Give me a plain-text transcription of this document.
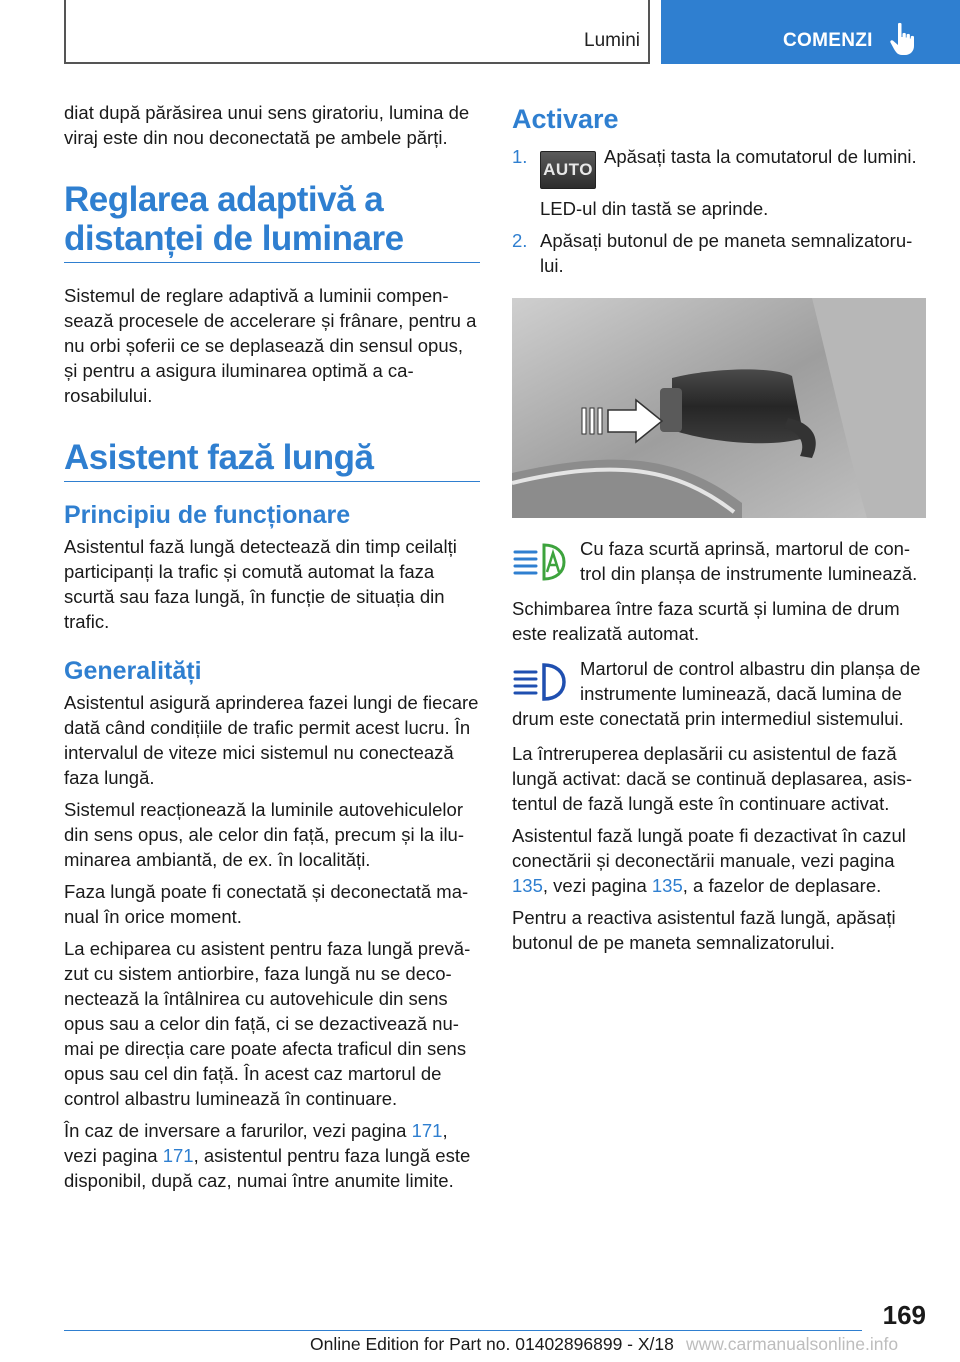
Lumini	COMENZI

diat după părăsirea unui sens giratoriu, lumina de viraj este din nou deconectată pe ambele părți.

Reglarea adaptivă a distanței de luminare

Sistemul de reglare adaptivă a luminii compensează procesele de accelerare și frânare, pentru a nu orbi șoferii ce se deplasează din sensul opus, și pentru a asigura iluminarea optimă a carosabilului.

Asistent fază lungă
Principiu de funcționare

Asistentul fază lungă detectează din timp ceilalți participanți la trafic și comută automat la faza scurtă sau faza lungă, în funcție de situația din trafic.

Generalități

Asistentul asigură aprinderea fazei lungi de fiecare dată când condițiile de trafic permit acest lucru. În intervalul de viteze mici sistemul nu conectează faza lungă.

Sistemul reacționează la luminile autovehiculelor din sens opus, ale celor din față, precum și la iluminarea ambiantă, de ex. în localități.

Faza lungă poate fi conectată și deconectată manual în orice moment.

La echiparea cu asistent pentru faza lungă prevăzut cu sistem antiorbire, faza lungă nu se deconectează la întâlnirea cu autovehicule din sens opus sau a celor din față, ci se dezactivează numai pe direcția care poate afecta traficul din sens opus sau cel din față. În acest caz martorul de control albastru luminează în continuare.

În caz de inversare a farurilor, vezi pagina 171, vezi pagina 171, asistentul pentru faza lungă este disponibil, după caz, numai între anumite limite.

Activare
1.
AUTOApăsați tasta la comutatorul de lumini.
LED-ul din tastă se aprinde.
2. Apăsați butonul de pe maneta semnalizatorului.

Cu faza scurtă aprinsă, martorul de control din planșa de instrumente luminează.

Schimbarea între faza scurtă și lumina de drum este realizată automat.

Martorul de control albastru din planșa de instrumente luminează, dacă lumina de drum este conectată prin intermediul sistemului.

La întreruperea deplasării cu asistentul de fază lungă activat: dacă se continuă deplasarea, asistentul de fază lungă este în continuare activat.

Asistentul fază lungă poate fi dezactivat în cazul conectării și deconectării manuale, vezi pagina 135, vezi pagina 135, a fazelor de deplasare.

Pentru a reactiva asistentul fază lungă, apăsați butonul de pe maneta semnalizatorului.

169
Online Edition for Part no. 01402896899 - X/18 www.carmanualsonline.info
